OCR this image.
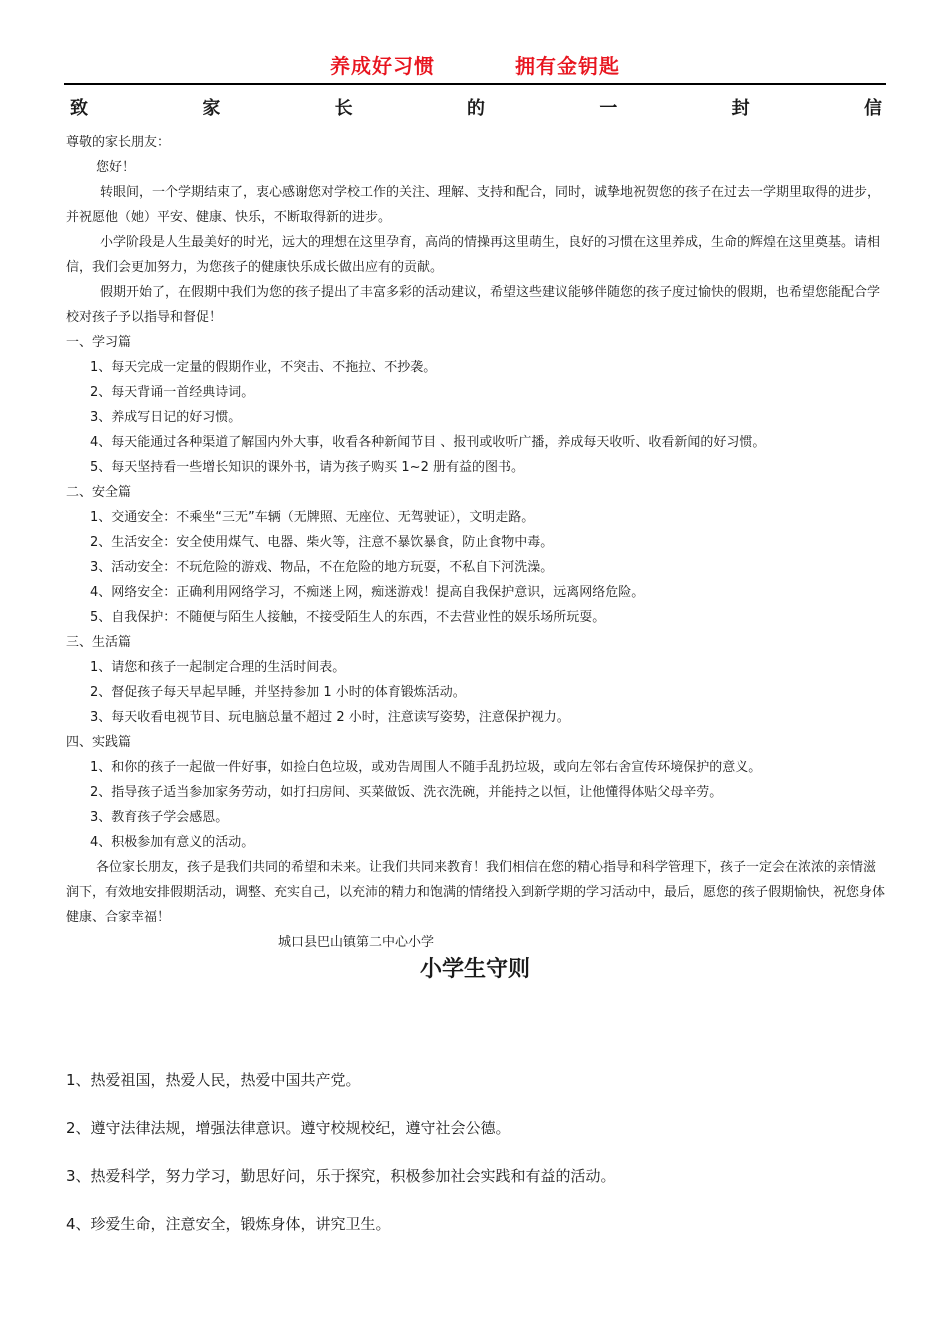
养成好习惯	拥有金钥匙
致	家	长	的	一	封	信

尊敬的家长朋友：

您好！

转眼间，一个学期结束了，衷心感谢您对学校工作的关注、理解、支持和配合，同时，诚挚地祝贺您的孩子在过去一学期里取得的进步，并祝愿他（她）平安、健康、快乐，不断取得新的进步。

小学阶段是人生最美好的时光，远大的理想在这里孕育，高尚的情操再这里萌生，良好的习惯在这里养成，生命的辉煌在这里奠基。请相信，我们会更加努力，为您孩子的健康快乐成长做出应有的贡献。

假期开始了，在假期中我们为您的孩子提出了丰富多彩的活动建议，希望这些建议能够伴随您的孩子度过愉快的假期，也希望您能配合学校对孩子予以指导和督促！

一、学习篇

1、每天完成一定量的假期作业，不突击、不拖拉、不抄袭。

2、每天背诵一首经典诗词。

3、养成写日记的好习惯。

4、每天能通过各种渠道了解国内外大事，收看各种新闻节目 、报刊或收听广播，养成每天收听、收看新闻的好习惯。

5、每天坚持看一些增长知识的课外书，请为孩子购买 1~2 册有益的图书。

二、安全篇

1、交通安全：不乘坐“三无”车辆（无牌照、无座位、无驾驶证），文明走路。

2、生活安全：安全使用煤气、电器、柴火等，注意不暴饮暴食，防止食物中毒。

3、活动安全：不玩危险的游戏、物品，不在危险的地方玩耍，不私自下河洗澡。

4、网络安全：正确利用网络学习，不痴迷上网，痴迷游戏！提高自我保护意识，远离网络危险。

5、自我保护：不随便与陌生人接触，不接受陌生人的东西，不去营业性的娱乐场所玩耍。

三、生活篇

1、请您和孩子一起制定合理的生活时间表。

2、督促孩子每天早起早睡，并坚持参加 1 小时的体育锻炼活动。

3、每天收看电视节目、玩电脑总量不超过 2 小时，注意读写姿势，注意保护视力。

四、实践篇

1、和你的孩子一起做一件好事，如捡白色垃圾，或劝告周围人不随手乱扔垃圾，或向左邻右舍宣传环境保护的意义。

2、指导孩子适当参加家务劳动，如打扫房间、买菜做饭、洗衣洗碗，并能持之以恒，让他懂得体贴父母辛劳。

3、教育孩子学会感恩。

4、积极参加有意义的活动。

各位家长朋友，孩子是我们共同的希望和未来。让我们共同来教育！我们相信在您的精心指导和科学管理下，孩子一定会在浓浓的亲情滋润下，有效地安排假期活动，调整、充实自己，以充沛的精力和饱满的情绪投入到新学期的学习活动中，最后，愿您的孩子假期愉快，祝您身体健康、合家幸福！

城口县巴山镇第二中心小学

小学生守则
1、热爱祖国，热爱人民，热爱中国共产党。
2、遵守法律法规，增强法律意识。遵守校规校纪，遵守社会公德。
3、热爱科学，努力学习，勤思好问，乐于探究，积极参加社会实践和有益的活动。
4、珍爱生命，注意安全，锻炼身体，讲究卫生。
